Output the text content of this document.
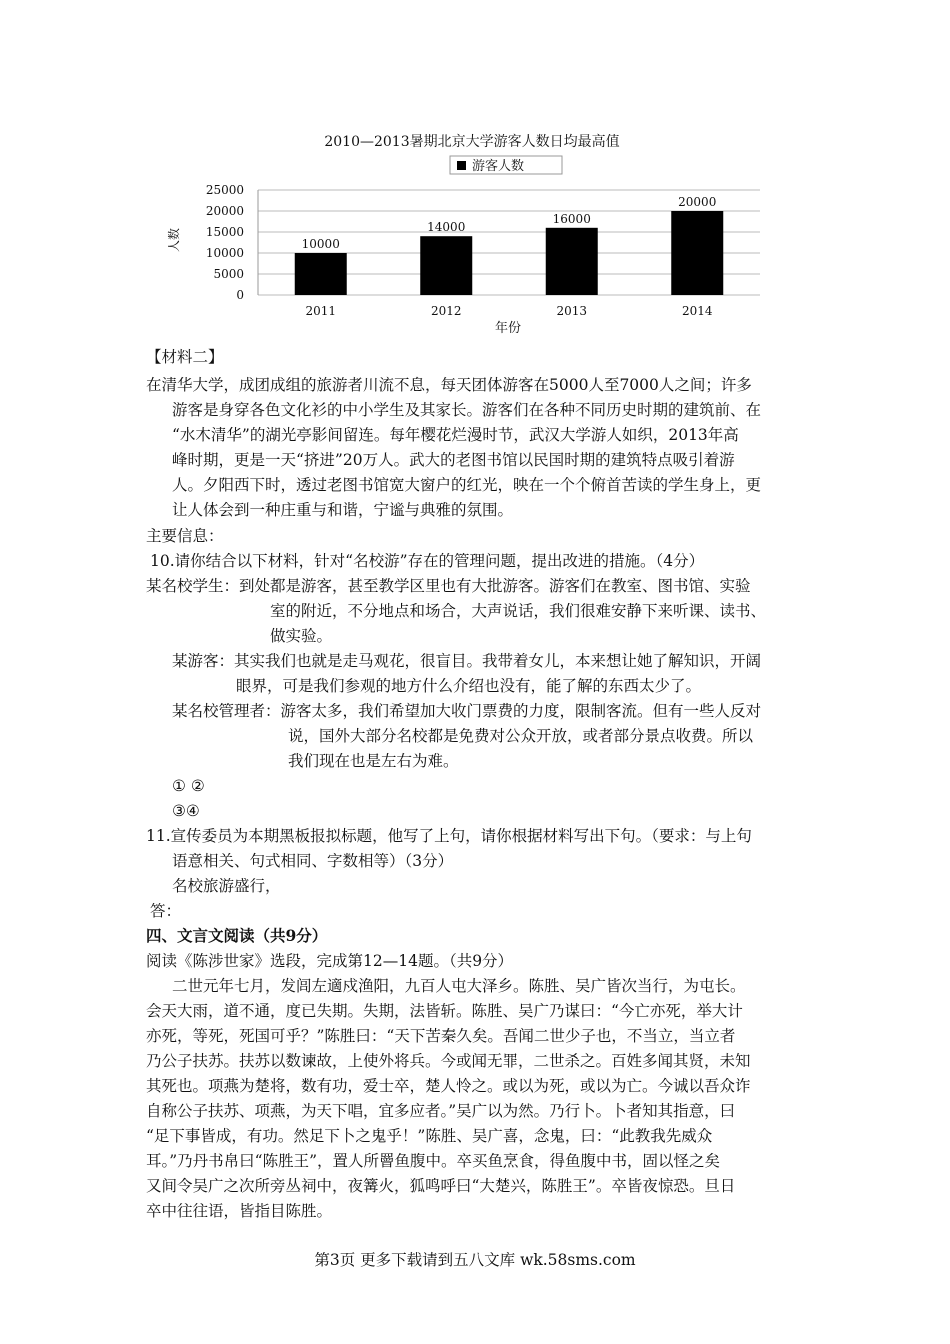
2010—2013暑期北京大学游客人数日均最高值
游客人数
0
5000
10000
15000
20000
25000
10000
14000
16000
20000
2011	2012	2013	2014
人数
年份
【材料二】
在清华大学，成团成组的旅游者川流不息，每天团体游客在5000人至7000人之间；许多
游客是身穿各色文化衫的中小学生及其家长。游客们在各种不同历史时期的建筑前、在
“水木清华”的湖光亭影间留连。每年樱花烂漫时节，武汉大学游人如织，2013年高
峰时期，更是一天“挤进”20万人。武大的老图书馆以民国时期的建筑特点吸引着游
人。夕阳西下时，透过老图书馆宽大窗户的红光，映在一个个俯首苦读的学生身上，更
让人体会到一种庄重与和谐，宁谧与典雅的氛围。
主要信息：
10.请你结合以下材料，针对“名校游”存在的管理问题，提出改进的措施。（4分）
某名校学生：到处都是游客，甚至教学区里也有大批游客。游客们在教室、图书馆、实验
室的附近，不分地点和场合，大声说话，我们很难安静下来听课、读书、
做实验。
某游客：其实我们也就是走马观花，很盲目。我带着女儿，本来想让她了解知识，开阔
眼界，可是我们参观的地方什么介绍也没有，能了解的东西太少了。
某名校管理者：游客太多，我们希望加大收门票费的力度，限制客流。但有一些人反对
说，国外大部分名校都是免费对公众开放，或者部分景点收费。所以
我们现在也是左右为难。
① ②
③④
11.宣传委员为本期黑板报拟标题，他写了上句，请你根据材料写出下句。（要求：与上句
语意相关、句式相同、字数相等）（3分）
名校旅游盛行，
答：
四、文言文阅读（共9分）
阅读《陈涉世家》选段，完成第12—14题。（共9分）
二世元年七月，发闾左適戍渔阳，九百人屯大泽乡。陈胜、吴广皆次当行，为屯长。
会天大雨，道不通，度已失期。失期，法皆斩。陈胜、吴广乃谋曰：“今亡亦死，举大计
亦死，等死，死国可乎？”陈胜曰：“天下苦秦久矣。吾闻二世少子也，不当立，当立者
乃公子扶苏。扶苏以数谏故，上使外将兵。今或闻无罪，二世杀之。百姓多闻其贤，未知
其死也。项燕为楚将，数有功，爱士卒，楚人怜之。或以为死，或以为亡。今诚以吾众诈
自称公子扶苏、项燕，为天下唱，宜多应者。”吴广以为然。乃行卜。卜者知其指意，曰
“足下事皆成，有功。然足下卜之鬼乎！”陈胜、吴广喜，念鬼，曰：“此教我先威众
耳。”乃丹书帛曰“陈胜王”，置人所罾鱼腹中。卒买鱼烹食，得鱼腹中书，固以怪之矣
又间令吴广之次所旁丛祠中，夜篝火，狐鸣呼曰“大楚兴，陈胜王”。卒皆夜惊恐。旦日
卒中往往语，皆指目陈胜。
第3页 更多下载请到五八文库 wk.58sms.com
